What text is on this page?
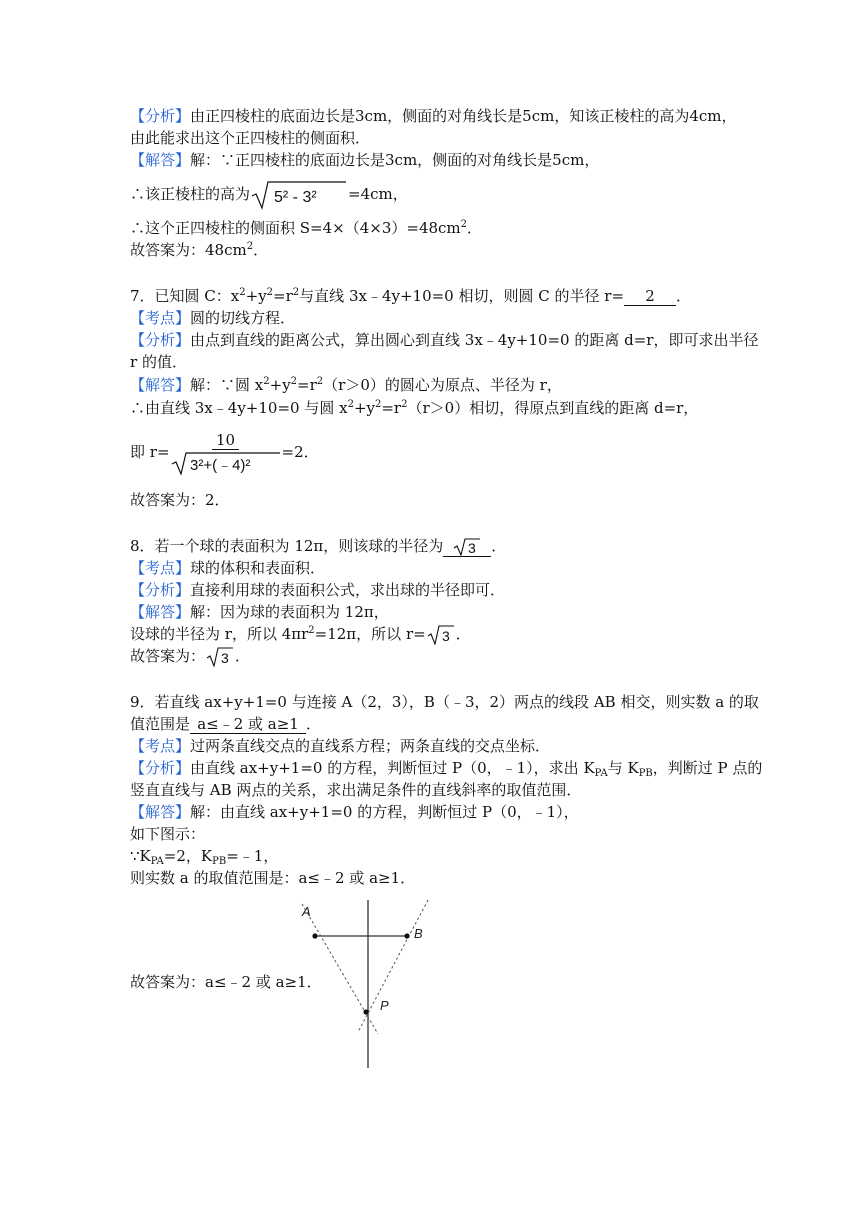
【分析】由正四棱柱的底面边长是3cm，侧面的对角线长是5cm，知该正棱柱的高为4cm，
由此能求出这个正四棱柱的侧面积．
【解答】解：∵正四棱柱的底面边长是3cm，侧面的对角线长是5cm，
∴该正棱柱的高为 5² - 3² =4cm，
∴这个正四棱柱的侧面积 $S=4\times(4\times 3)=48cm^2$．
故答案为：$48cm^2$．
7．已知圆 C：$x^2+y^2=r^2$与直线 3x﹣4y+10=0 相切，则圆 C 的半径 r= 2 ．
【考点】圆的切线方程．
【分析】由点到直线的距离公式，算出圆心到直线 3x﹣4y+10=0 的距离 d=r，即可求出半径
r 的值．
【解答】解：∵圆 $x^2+y^2=r^2(r>0)$的圆心为原点、半径为 r，
∴由直线 3x﹣4y+10=0 与圆 $x^2+y^2=r^2(r>0)$相切，得原点到直线的距离 d=r，
即 $r= \frac{10}{\text{3²+(﹣4)²}} =2$．
故答案为：2．
8．若一个球的表面积为 12π，则该球的半径为 3 ．
【考点】球的体积和表面积．
【分析】直接利用球的表面积公式，求出球的半径即可．
【解答】解：因为球的表面积为 12π，
设球的半径为 r，所以 $4\pi r^2=12\pi$，所以 r= 3 ．
故答案为： 3 ．
9．若直线 ax+y+1=0 与连接 A（2，3），B（﹣3，2）两点的线段 AB 相交，则实数 a 的取
值范围是 a≤﹣2 或 a≥1 ．
【考点】过两条直线交点的直线系方程；两条直线的交点坐标．
【分析】由直线 ax+y+1=0 的方程，判断恒过 P（0，﹣1），求出 $K_{PA}$与 $K_{PB}$，判断过 P 点的
竖直直线与 AB 两点的关系，求出满足条件的直线斜率的取值范围．
【解答】解：由直线 ax+y+1=0 的方程，判断恒过 P（0，﹣1），
如下图示：
$\because K_{PA}=2$，$K_{PB}=﹣1$，
则实数 a 的取值范围是：a≤﹣2 或 a≥1．
故答案为：a≤﹣2 或 a≥1．
A
B
P
